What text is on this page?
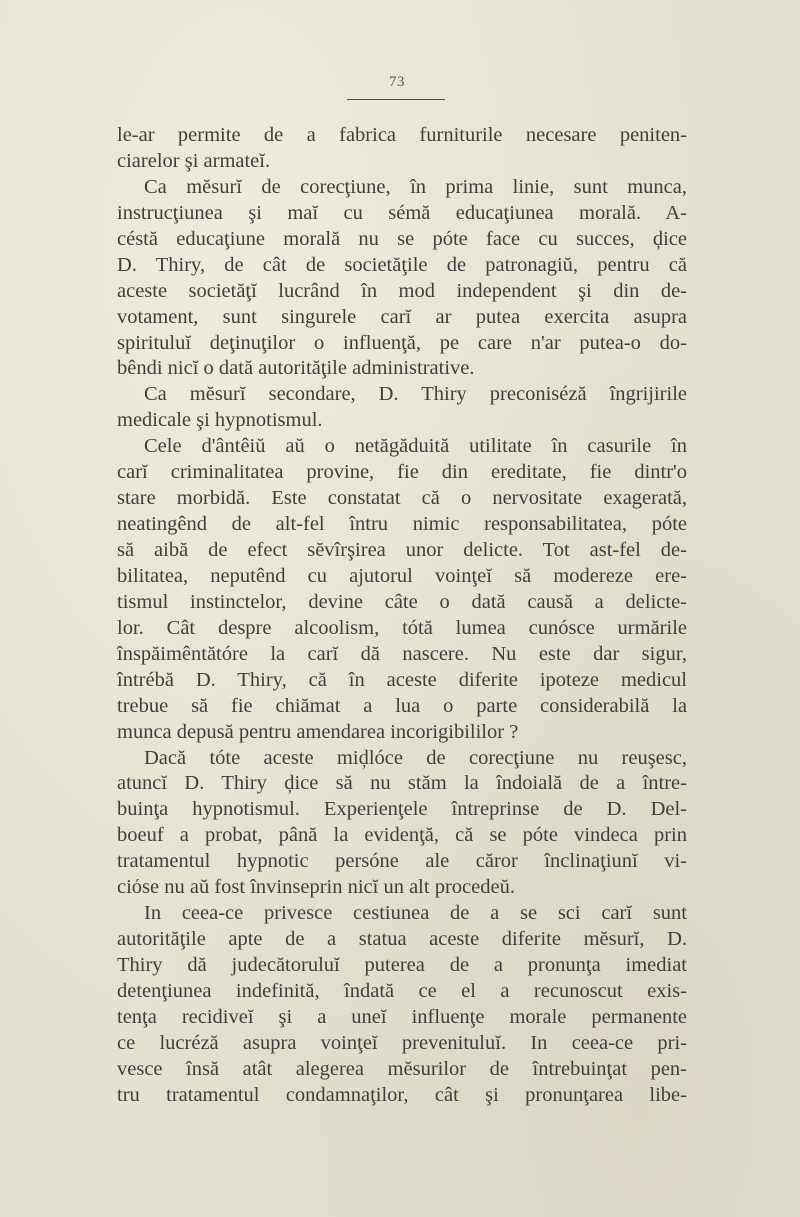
73
le-ar permite de a fabrica furniturile necesare peniten-
ciarelor şi armateĭ.
Ca mĕsurĭ de corecţiune, în prima linie, sunt munca,
instrucţiunea şi maĭ cu sémă educaţiunea morală. A-
céstă educaţiune morală nu se póte face cu succes, ḑice
D. Thiry, de cât de societăţile de patronagiŭ, pentru că
aceste societăţĭ lucrând în mod independent şi din de-
votament, sunt singurele carĭ ar putea exercita asupra
spirituluĭ deţinuţilor o influenţă, pe care n'ar putea-o do-
bêndi nicĭ o dată autorităţile administrative.
Ca mĕsurĭ secondare, D. Thiry preconiséză îngrijirile
medicale şi hypnotismul.
Cele d'ântêiŭ aŭ o netăgăduită utilitate în casurile în
carĭ criminalitatea provine, fie din ereditate, fie dintr'o
stare morbidă. Este constatat că o nervositate exagerată,
neatingênd de alt-fel întru nimic responsabilitatea, póte
să aibă de efect sĕvîrşirea unor delicte. Tot ast-fel de-
bilitatea, neputênd cu ajutorul voinţeĭ să modereze ere-
tismul instinctelor, devine câte o dată causă a delicte-
lor. Cât despre alcoolism, tótă lumea cunósce urmările
înspăimêntătóre la carĭ dă nascere. Nu este dar sigur,
întrébă D. Thiry, că în aceste diferite ipoteze medicul
trebue să fie chiămat a lua o parte considerabilă la
munca depusă pentru amendarea incorigibililor ?
Dacă tóte aceste miḑlóce de corecţiune nu reuşesc,
atuncĭ D. Thiry ḑice să nu stăm la îndoială de a între-
buinţa hypnotismul. Experienţele întreprinse de D. Del-
boeuf a probat, până la evidenţă, că se póte vindeca prin
tratamentul hypnotic persóne ale căror înclinaţiunĭ vi-
ciόse nu aŭ fost învinseprin nicĭ un alt procedeŭ.
In ceea-ce privesce cestiunea de a se sci carĭ sunt
autorităţile apte de a statua aceste diferite mĕsurĭ, D.
Thiry dă judecătoruluĭ puterea de a pronunţa imediat
detenţiunea indefinită, îndată ce el a recunoscut exis-
tenţa recidiveĭ şi a uneĭ influenţe morale permanente
ce lucréză asupra voinţeĭ prevenituluĭ. In ceea-ce pri-
vesce însă atât alegerea mĕsurilor de întrebuinţat pen-
tru tratamentul condamnaţilor, cât şi pronunţarea libe-
